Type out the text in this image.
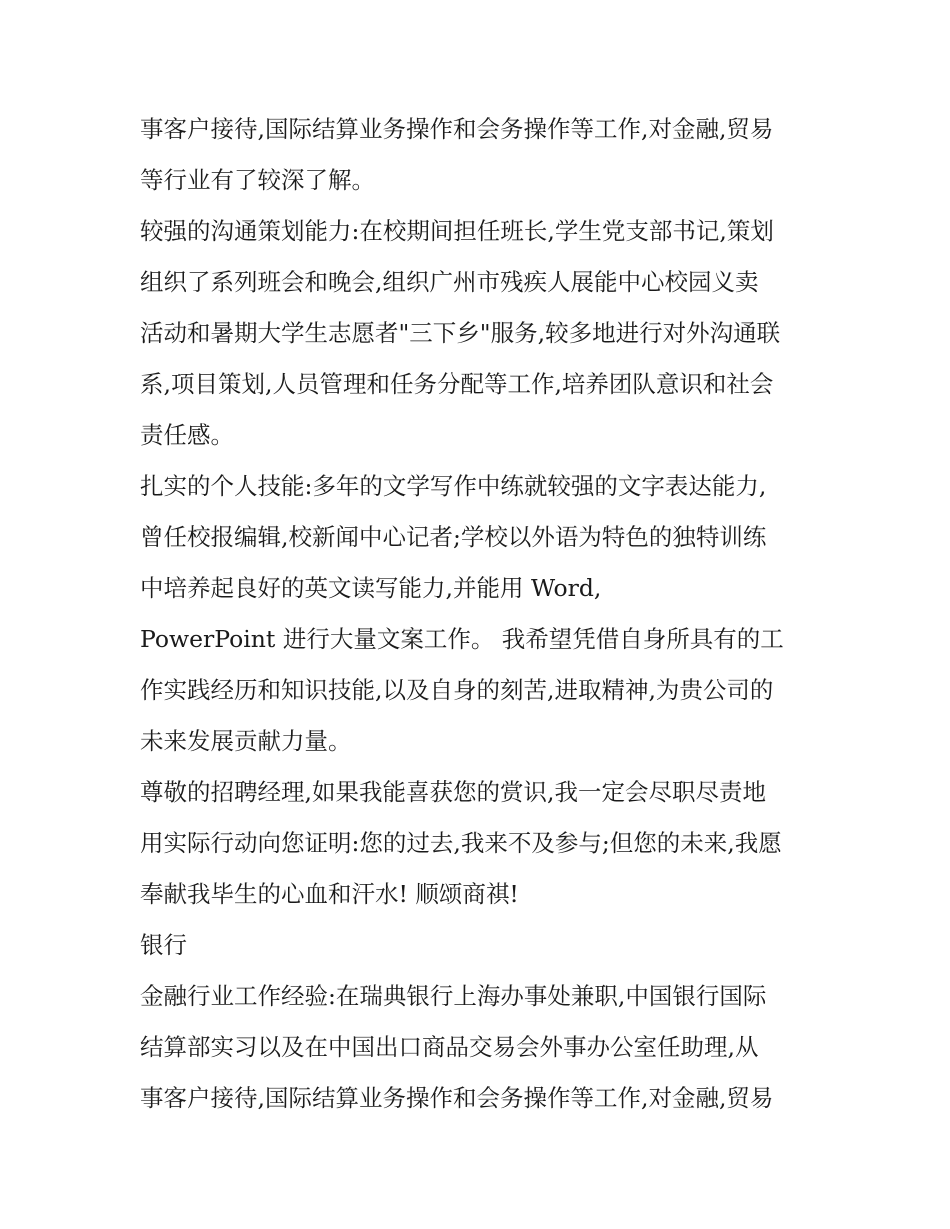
事客户接待,国际结算业务操作和会务操作等工作,对金融,贸易
等行业有了较深了解。
较强的沟通策划能力:在校期间担任班长,学生党支部书记,策划
组织了系列班会和晚会,组织广州市残疾人展能中心校园义卖
活动和暑期大学生志愿者"三下乡"服务,较多地进行对外沟通联
系,项目策划,人员管理和任务分配等工作,培养团队意识和社会
责任感。
扎实的个人技能:多年的文学写作中练就较强的文字表达能力,
曾任校报编辑,校新闻中心记者;学校以外语为特色的独特训练
中培养起良好的英文读写能力,并能用 Word,
PowerPoint 进行大量文案工作。 我希望凭借自身所具有的工
作实践经历和知识技能,以及自身的刻苦,进取精神,为贵公司的
未来发展贡献力量。
尊敬的招聘经理,如果我能喜获您的赏识,我一定会尽职尽责地
用实际行动向您证明:您的过去,我来不及参与;但您的未来,我愿
奉献我毕生的心血和汗水! 顺颂商祺!
银行
金融行业工作经验:在瑞典银行上海办事处兼职,中国银行国际
结算部实习以及在中国出口商品交易会外事办公室任助理,从
事客户接待,国际结算业务操作和会务操作等工作,对金融,贸易
